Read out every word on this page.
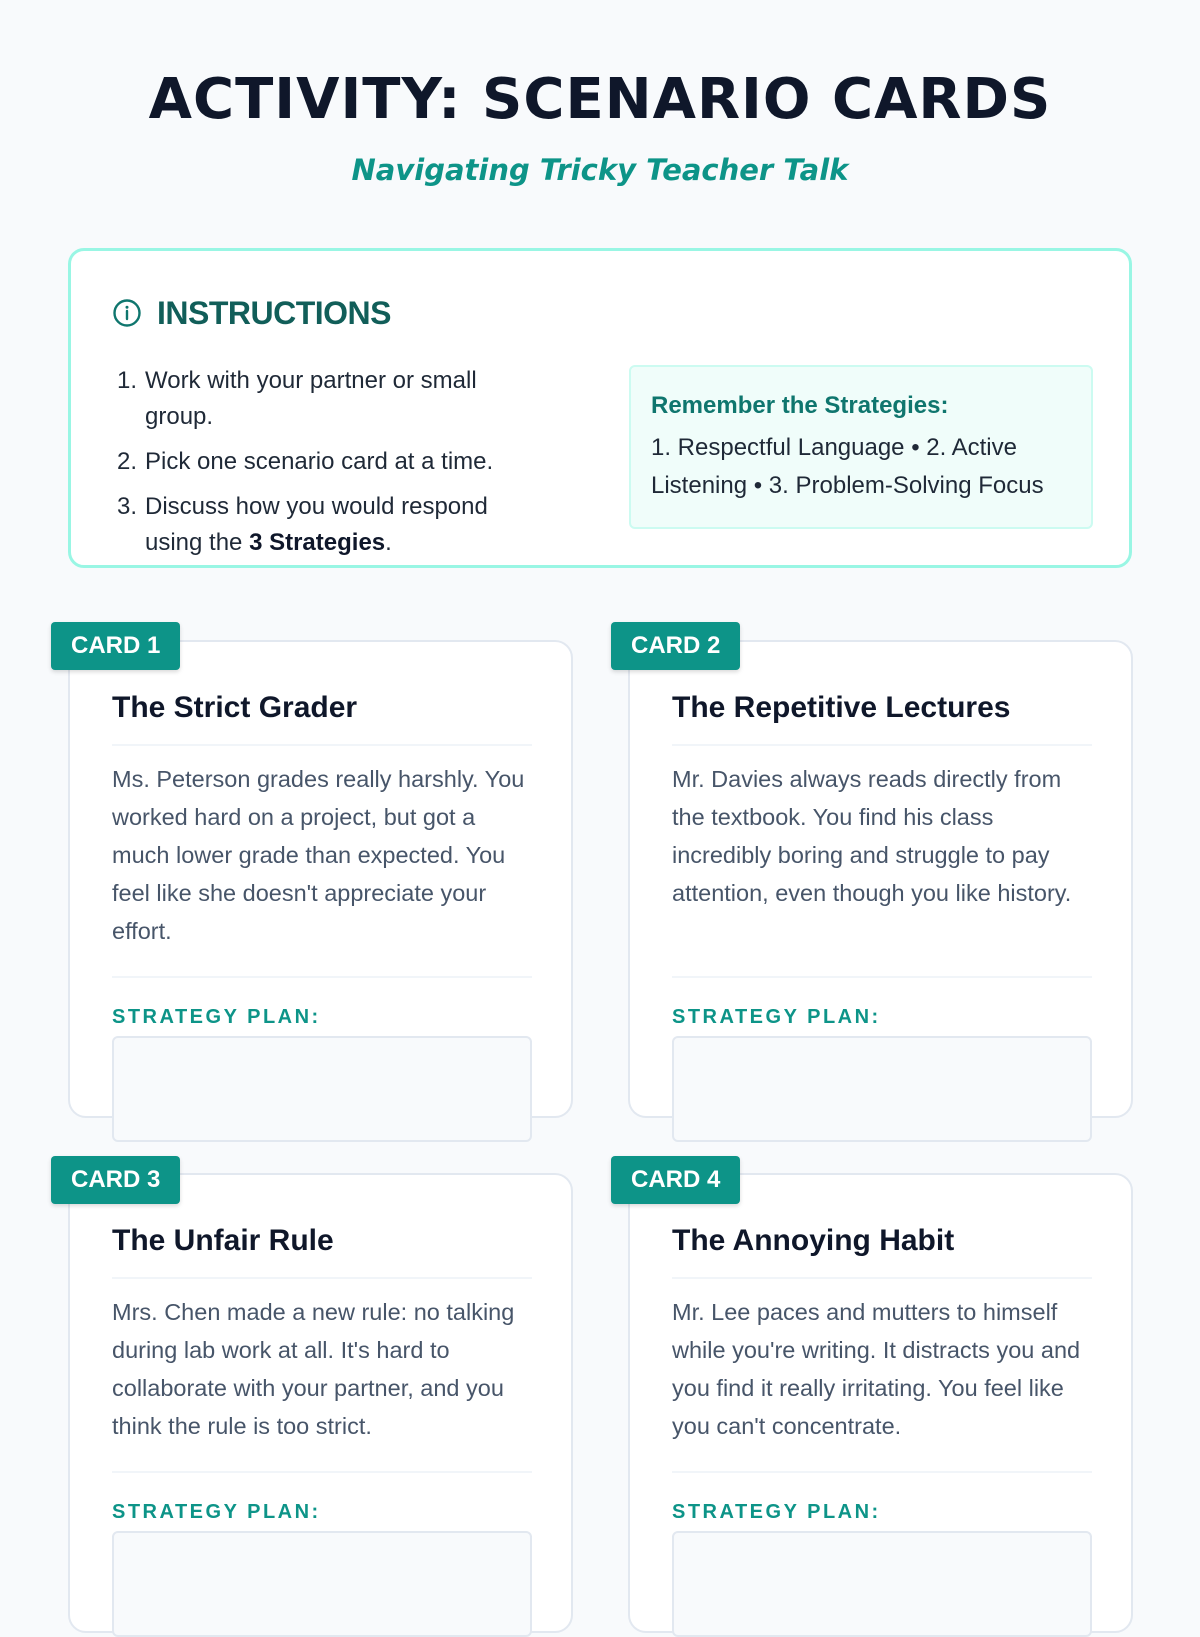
ACTIVITY: SCENARIO CARDS
Navigating Tricky Teacher Talk
INSTRUCTIONS
1. Work with your partner or small group.
2. Pick one scenario card at a time.
3. Discuss how you would respond using the 3 Strategies.
Remember the Strategies:
1. Respectful Language • 2. Active Listening • 3. Problem-Solving Focus
The Strict Grader
Ms. Peterson grades really harshly. You worked hard on a project, but got a much lower grade than expected. You feel like she doesn't appreciate your effort.
STRATEGY PLAN:
CARD 1
The Repetitive Lectures
Mr. Davies always reads directly from the textbook. You find his class incredibly boring and struggle to pay attention, even though you like history.
STRATEGY PLAN:
CARD 2
The Unfair Rule
Mrs. Chen made a new rule: no talking during lab work at all. It's hard to collaborate with your partner, and you think the rule is too strict.
STRATEGY PLAN:
CARD 3
The Annoying Habit
Mr. Lee paces and mutters to himself while you're writing. It distracts you and you find it really irritating. You feel like you can't concentrate.
STRATEGY PLAN:
CARD 4
